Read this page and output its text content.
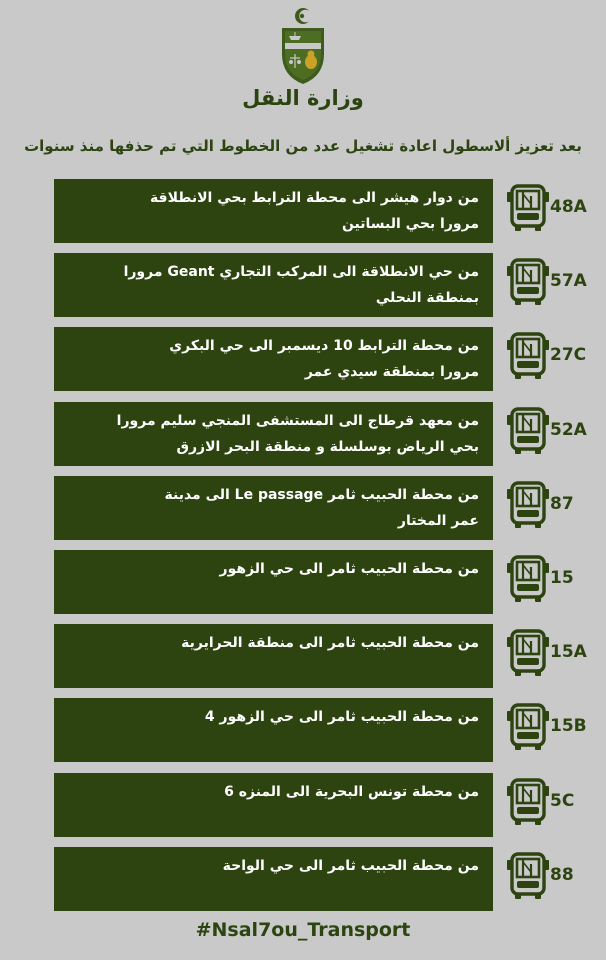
وزارة النقل
بعد تعزيز ألاسطول اعادة تشغيل عدد من الخطوط التي تم حذفها منذ سنوات
من دوار هيشر الى محطة الترابط بحي الانطلاقة
مرورا بحي البساتين
48A
من حي الانطلاقة الى المركب التجاري Geant مرورا
بمنطقة النحلي
57A
من محطة الترابط 10 ديسمبر الى حي البكري
مرورا بمنطقة سيدي عمر
27C
من معهد قرطاج الى المستشفى المنجي سليم مرورا
بحي الرياض بوسلسلة و منطقة البحر الازرق
52A
من محطة الحبيب ثامر Le passage الى مدينة
عمر المختار
87
من محطة الحبيب ثامر الى حي الزهور	15
من محطة الحبيب ثامر الى منطقة الحرايرية	15A
من محطة الحبيب ثامر الى حي الزهور 4	15B
من محطة تونس البحرية الى المنزه 6	5C
من محطة الحبيب ثامر الى حي الواحة	88
#Nsal7ou_Transport
